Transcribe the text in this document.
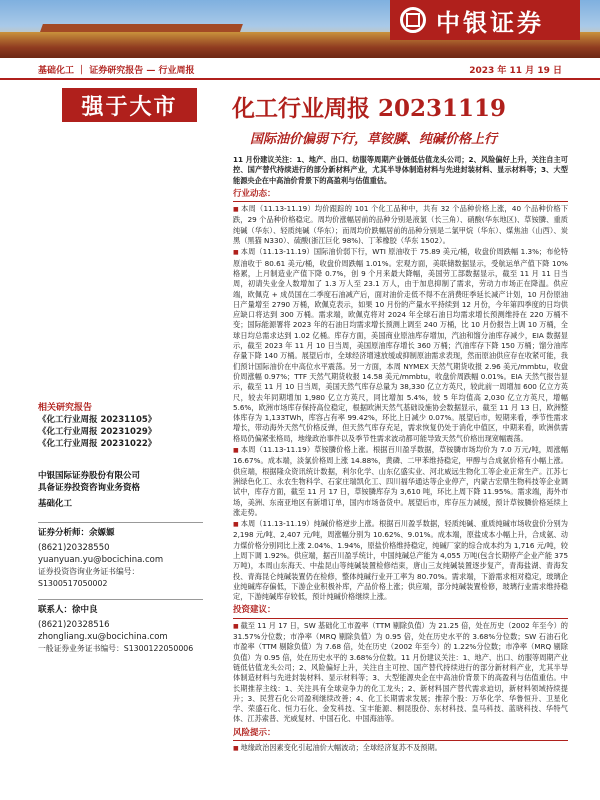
中银证券
基础化工 ｜ 证券研究报告 — 行业周报	2023 年 11 月 19 日
强于大市	化工行业周报 20231119
国际油价偏弱下行，草铵膦、纯碱价格上行
相关研究报告
《化工行业周报 20231105》
《化工行业周报 20231029》
《化工行业周报 20231022》
中银国际证券股份有限公司
具备证券投资咨询业务资格
基础化工
证券分析师：余嫄嫄
(8621)20328550
yuanyuan.yu@bocichina.com
证券投资咨询业务证书编号：S1300517050002
联系人：徐中良
(8621)20328516
zhongliang.xu@bocichina.com
一般证券业务证书编号：S1300122050006
11 月份建议关注：1、地产、出口、纺服等周期产业链低估值龙头公司；2、风险偏好上升，关注自主可控、国产替代持续进行的部分新材料产业，尤其半导体制造材料与先进封装材料、显示材料等；3、大型能源央企在中高油价背景下的高盈利与估值重估。
行业动态：
■ 本周（11.13-11.19）均价跟踪的 101 个化工品种中，共有 32 个品种价格上涨，40 个品种价格下跌，29 个品种价格稳定。周均价涨幅居前的品种分别是液氯（长三角）、硝酸(华东地区)、草铵膦、重质纯碱（华东）、轻质纯碱（华东）；而周均价跌幅居前的品种分别是二氯甲烷（华东）、煤焦油（山西）、炭黑（黑猫 N330）、硫酸(浙江巨化 98%)、丁苯橡胶（华东 1502）。
■ 本周（11.13-11.19）国际油价弱下行，WTI 原油收于 75.89 美元/桶，收盘价周跌幅 1.3%；布伦特原油收于 80.61 美元/桶，收盘价周跌幅 1.01%。宏观方面，美联储数据显示，受航运单产值下降 10%格累，上月制造业产值下降 0.7%，创 9 个月来最大降幅，美国劳工部数据显示，截至 11 月 11 日当周，初请失业金人数增加了 1.3 万人至 23.1 万人，由于加息抑制了需求，劳动力市场正在降温。供应端，欧佩克 + 成员国在二季度石油减产后，面对油价走低不得不在消费旺季延长减产计划，10 月份原油日产量增至 2790 万桶，欧佩克表示，如果 10 月份的产量水平持续到 12 月份，今年第四季度的日均供应缺口将达到 300 万桶。需求端，欧佩克将对 2024 年全球石油日均需求增长预测维持在 220 万桶不变；国际能源署将 2023 年的石油日均需求增长预测上调至 240 万桶，比 10 月份报告上调 10 万桶，全球日均总需求达到 1.02 亿桶。库存方面，美国商业原油库存增加，汽油和馏分油库存减少，EIA 数据显示，截至 2023 年 11 月 10 日当周，美国原油库存增长 360 万桶；汽油库存下降 150 万桶；馏分油库存量下降 140 万桶。展望后市，全球经济增速放缓或抑制原油需求表现，然而原油供应存在收紧可能，我们预计国际油价在中高位水平震荡。另一方面，本周 NYMEX 天然气期货收报 2.96 美元/mmbtu，收盘价周涨幅 0.97%；TTF 天然气期货收报 14.58 美元/mmbtu，收盘价周跌幅 0.01%。EIA 天然气报告显示，截至 11 月 10 日当周，美国天然气库存总量为 38,330 亿立方英尺，较此前一周增加 600 亿立方英尺，较去年同期增加 1,980 亿立方英尺，同比增加 5.4%，较 5 年均值高 2,030 亿立方英尺，增幅 5.6%，欧洲市场库存保持高位稳定，根据欧洲天然气基础设施协会数据显示，截至 11 月 13 日，欧洲整体库存为 1,133TWh，库容占有率 99.42%，环比上日减少 0.07%。展望后市，短期来看，季节性需求增长，带动海外天然气价格反弹，但天然气库存充足，需求恢复仍处于消化中值区，中期来看，欧洲供需格局仍偏紧张格局，地缘政治事件以及季节性需求波动都可能导致天然气价格出现宽幅震荡。
■ 本周（11.13-11.19）草铵膦价格上涨。根据百川盈孚数据，草铵膦市场均价为 7.0 万元/吨，周涨幅 16.67%。成本端，淡氯价格周上涨 14.88%，黄磷、二甲苯维持稳定，甲醇与合成氨价格有小幅上涨。供应端，根据隆众资讯统计数据，利尔化学、山东亿盛实业、河北威远生物化工等企业正常生产。江苏七洲绿色化工、永农生物科学、石家庄瑞凯化工、四川福华通达等企业停产，内蒙古宏鼎生物科技等企业调试中，库存方面，截至 11 月 17 日，草铵膦库存为 3,610 吨，环比上周下降 11.95%。需求端，海外市场，美洲、东南亚地区有新增订单，国内市场备货中。展望后市，库存压力减缓，预计草铵膦价格延续上涨走势。
■ 本周（11.13-11.19）纯碱价格逆步上涨。根据百川盈孚数据，轻质纯碱、重质纯碱市场收盘价分别为 2,198 元/吨、2,407 元/吨，周涨幅分别为 10.62%、9.01%。成本端，原盐成本小幅上升，合成氨、动力煤价格分别同比上涨 2.04%、1.94%，原盐价格维持稳定，纯碱厂家的综合成本约为 1,716 元/吨，较上周下调 1.92%。供应端，据百川盈孚统计，中国纯碱总产能为 4,055 万吨(包含长期停产企业产能 375 万吨)，本周山东海天、中盐昆山等纯碱装置检修结束，唐山三友纯碱装置逐步复产，青海盐湖、青海发投、青海昆仑纯碱装置仍在检修，整体纯碱行业开工率为 80.70%。需求端，下游需求相对稳定，玻璃企业纯碱库存偏低，下游企业积极补库，产品价格上涨；供应端，部分纯碱装置检修，玻璃行业需求维持稳定，下游纯碱库存较低，预计纯碱价格继续上涨。
投资建议：
■ 截至 11 月 17 日，SW 基础化工市盈率（TTM 剔除负值）为 21.25 倍，处在历史（2002 年至今）的 31.57%分位数；市净率（MRQ 剔除负值）为 0.95 倍，处在历史水平的 3.68%分位数；SW 石油石化市盈率（TTM 剔除负值）为 7.68 倍，处在历史（2002 年至今）的 1.22%分位数；市净率（MRQ 剔除负值）为 0.95 倍，处在历史水平的 3.68%分位数。11 月份建议关注：1、地产、出口、纺服等周期产业链低估值龙头公司；2、风险偏好上升，关注自主可控、国产替代持续进行的部分新材料产业，尤其半导体制造材料与先进封装材料、显示材料等；3、大型能源央企在中高油价背景下的高盈利与估值重估。中长期推荐主线：1、关注具有全球竞争力的化工龙头；2、新材料国产替代需求迫切，新材料领域持续提升；3、民营石化公司盈利继续改善；4、化工长期需求发展；推荐个股：万华化学、华鲁恒升、卫星化学、荣盛石化、恒力石化、金发科技、宝丰能源、桐昆股份、东材科技、皇马科技、蓝晓科技、华特气体、江苏索普、光威复材、中国石化、中国海油等。
风险提示：
■ 地缘政治因素变化引起油价大幅波动；全球经济复苏不及预期。
